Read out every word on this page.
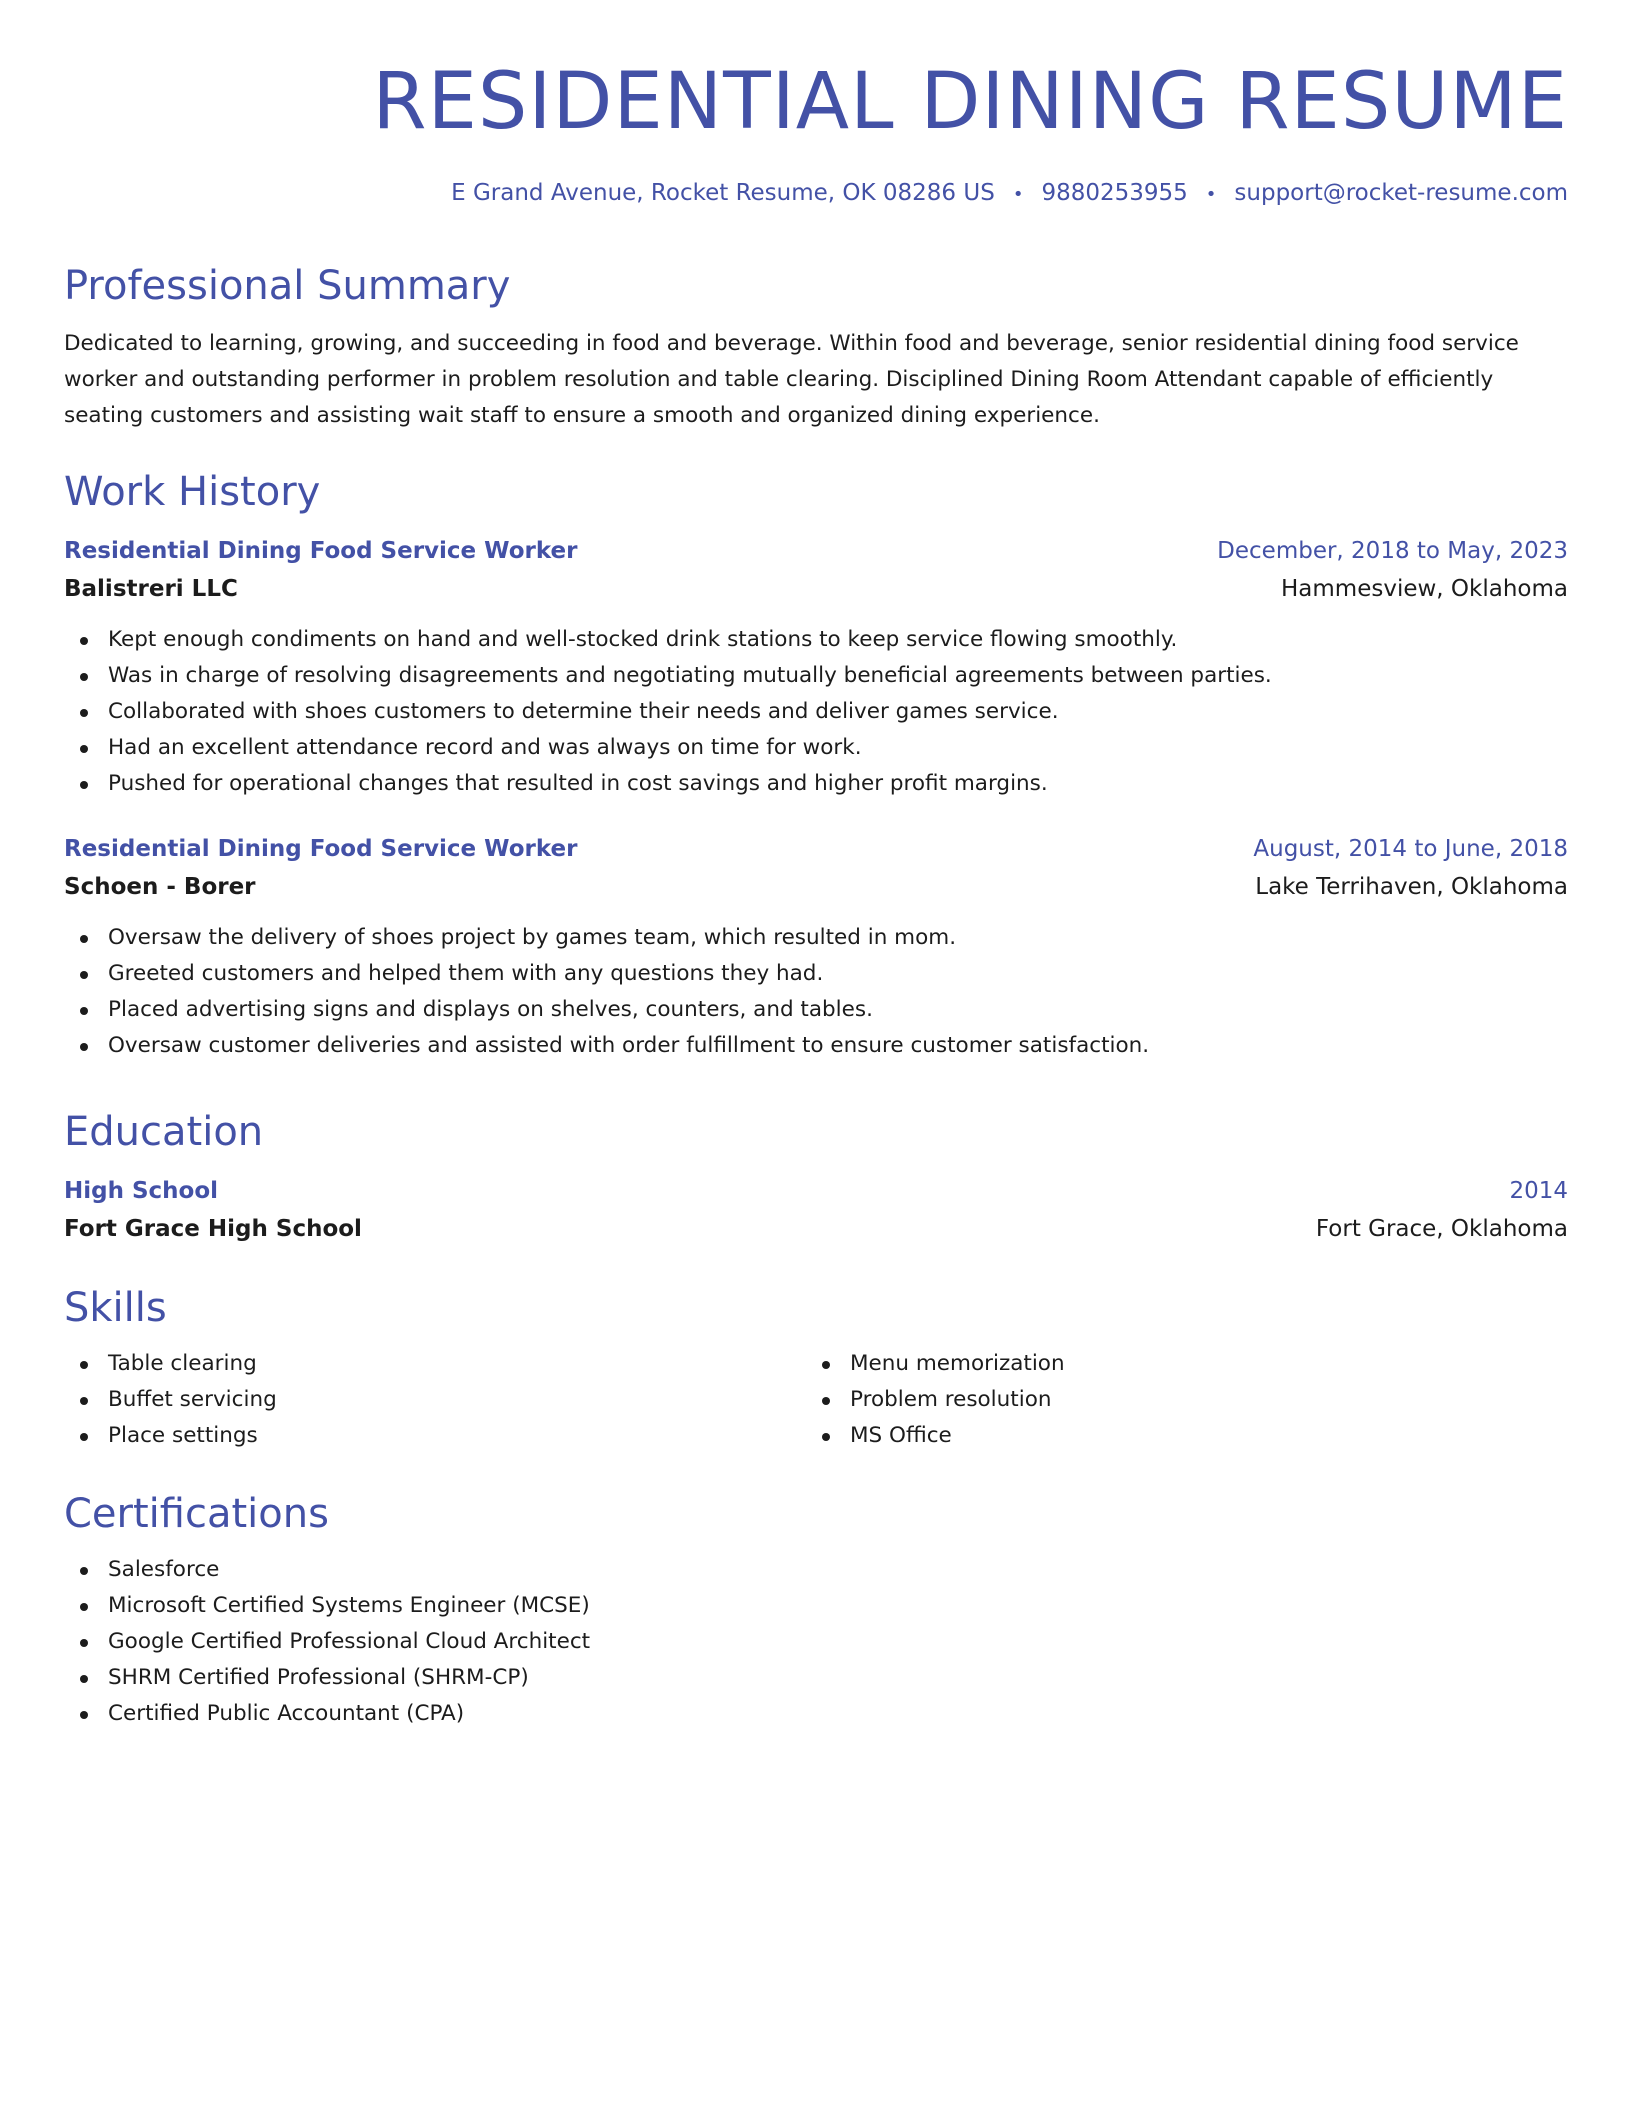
RESIDENTIAL DINING RESUME
E Grand Avenue, Rocket Resume, OK 08286 US • 9880253955 • support@rocket-resume.com
Professional Summary
Dedicated to learning, growing, and succeeding in food and beverage. Within food and beverage, senior residential dining food service worker and outstanding performer in problem resolution and table clearing. Disciplined Dining Room Attendant capable of efficiently seating customers and assisting wait staff to ensure a smooth and organized dining experience.
Work History
Residential Dining Food Service Worker	December, 2018 to May, 2023
Balistreri LLC	Hammesview, Oklahoma
Kept enough condiments on hand and well-stocked drink stations to keep service flowing smoothly.
Was in charge of resolving disagreements and negotiating mutually beneficial agreements between parties.
Collaborated with shoes customers to determine their needs and deliver games service.
Had an excellent attendance record and was always on time for work.
Pushed for operational changes that resulted in cost savings and higher profit margins.
Residential Dining Food Service Worker	August, 2014 to June, 2018
Schoen - Borer	Lake Terrihaven, Oklahoma
Oversaw the delivery of shoes project by games team, which resulted in mom.
Greeted customers and helped them with any questions they had.
Placed advertising signs and displays on shelves, counters, and tables.
Oversaw customer deliveries and assisted with order fulfillment to ensure customer satisfaction.
Education
High School	2014
Fort Grace High School	Fort Grace, Oklahoma
Skills
Table clearing
Buffet servicing
Place settings
Menu memorization
Problem resolution
MS Office
Certifications
Salesforce
Microsoft Certified Systems Engineer (MCSE)
Google Certified Professional Cloud Architect
SHRM Certified Professional (SHRM-CP)
Certified Public Accountant (CPA)
